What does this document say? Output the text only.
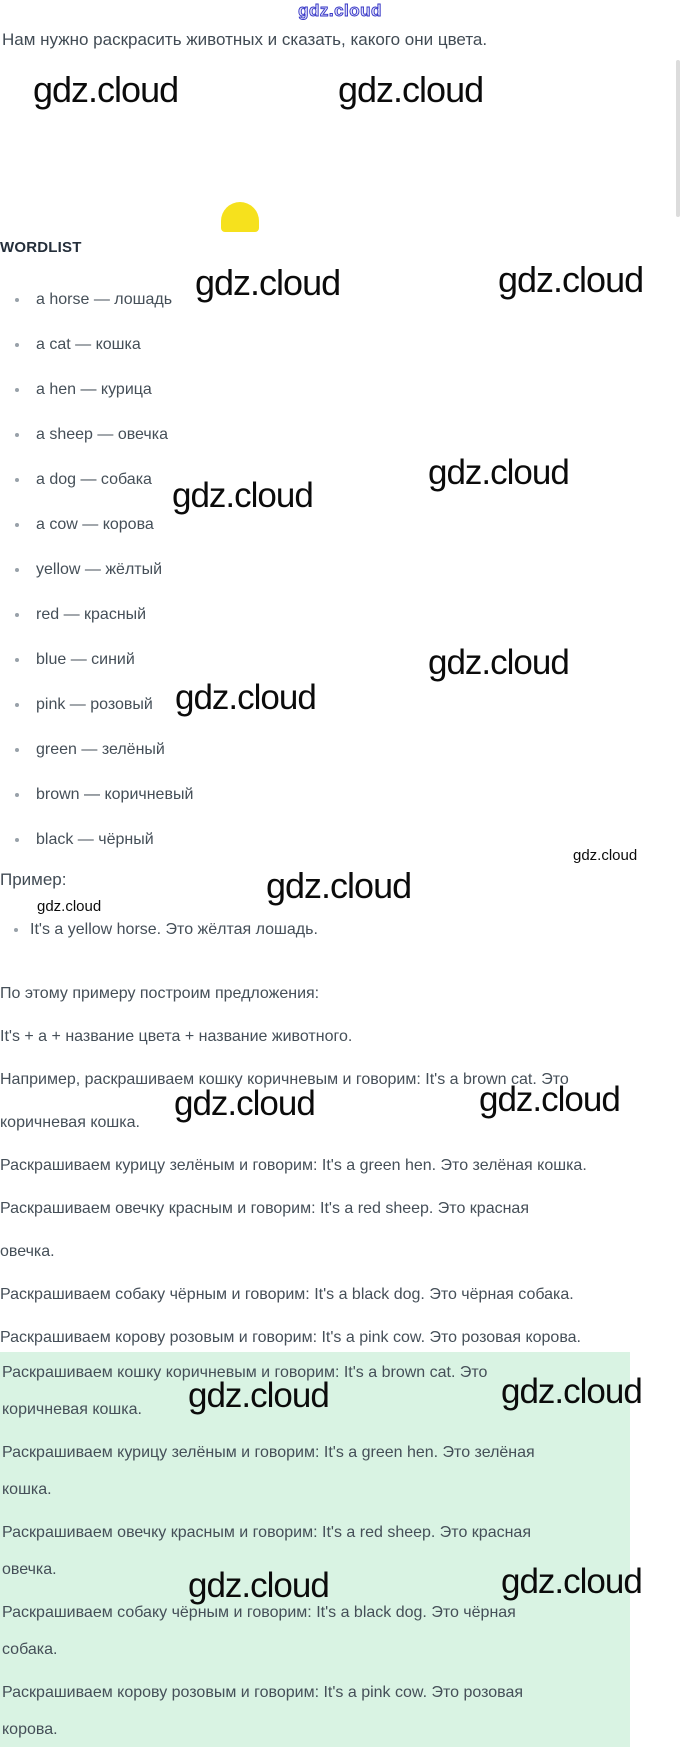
gdz.cloud
Нам нужно раскрасить животных и сказать, какого они цвета.
WORDLIST
a horse — лошадь
a cat — кошка
a hen — курица
a sheep — овечка
a dog — собака
a cow — корова
yellow — жёлтый
red — красный
blue — синий
pink — розовый
green — зелёный
brown — коричневый
black — чёрный
Пример:
It's a yellow horse. Это жёлтая лошадь.

По этому примеру построим предложения:

It's + a + название цвета + название животного.

Например, раскрашиваем кошку коричневым и говорим: It's a brown cat. Это коричневая кошка.

Раскрашиваем курицу зелёным и говорим: It's a green hen. Это зелёная кошка.

Раскрашиваем овечку красным и говорим: It's a red sheep. Это красная овечка.

Раскрашиваем собаку чёрным и говорим: It's a black dog. Это чёрная собака.

Раскрашиваем корову розовым и говорим: It's a pink cow. Это розовая корова.

Раскрашиваем кошку коричневым и говорим: It's a brown cat. Это коричневая кошка.

Раскрашиваем курицу зелёным и говорим: It's a green hen. Это зелёная кошка.

Раскрашиваем овечку красным и говорим: It's a red sheep. Это красная овечка.

Раскрашиваем собаку чёрным и говорим: It's a black dog. Это чёрная собака.

Раскрашиваем корову розовым и говорим: It's a pink cow. Это розовая корова.

gdz.cloud	gdz.cloud
gdz.cloud	gdz.cloud
gdz.cloud
gdz.cloud
gdz.cloud
gdz.cloud
gdz.cloud
gdz.cloud
gdz.cloud
gdz.cloud	gdz.cloud
gdz.cloud	gdz.cloud
gdz.cloud	gdz.cloud
